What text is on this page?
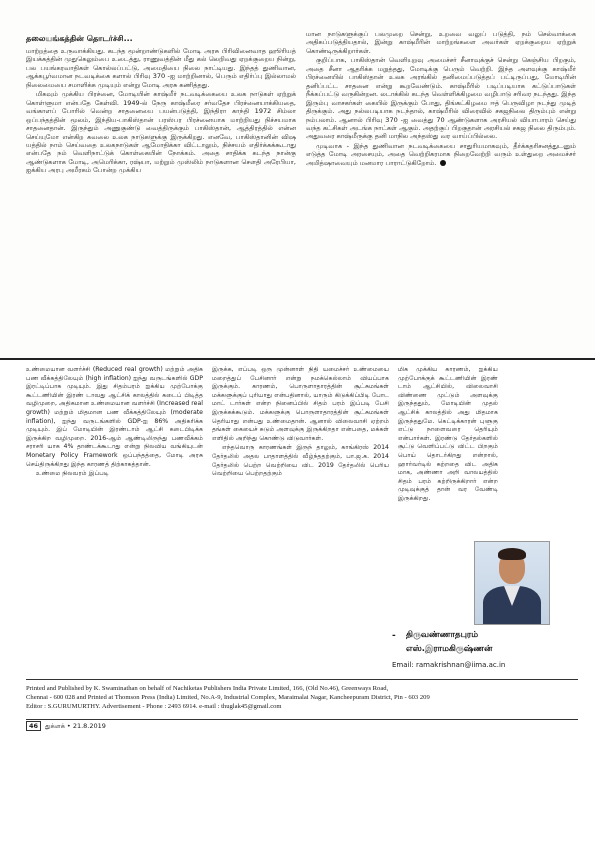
தலையங்கத்தின் தொடர்ச்சி...

மாற்றத்தை உருவாக்கியது. கடந்த மூன்றாண்டுகளில் மோடி அரசு பிரிவினைவாத ஹூரியத் இயக்கத்தின் முதுகெலும்பை உடைத்து, ராணுவத்தின் மீது கல் லெறிவது ஏறக்குறைய நின்று, பல பயங்கரவாதிகள் கொல்லப்பட்டு, அமைதியை நிலை நாட்டியது. இந்தத் துணிவான, ஆக்கபூர்வமான நடவடிக்கை களால் பிரிவு 370 -ஐ மாற்றினால், பெரும் எதிர்ப்பு இல்லாமல் நிலைமையை சமாளிக்க முடியும் என்று மோடி அரசு கணித்தது.

மிகவும் முக்கிய பிரச்னை, மோடியின் காஷ்மீர் நடவடிக்கையை உலக நாடுகள் ஏற்றுக் கொள்ளுமா என்பதே கேள்வி. 1949-ல் நேரு காஷ்மீரை சர்வதேச பிரச்னையாக்கியதை, வங்காளப் போரில் வென்ற சாதனையை பயன்படுத்தி, இந்திரா காந்தி 1972 சிம்லா ஒப்பந்தத்தின் மூலம், இந்திய-பாகிஸ்தான் பரஸ்பர பிரச்னையாக மாற்றியது நிச்சயமாக சாதனைதான். இருந்தும் அணுகுண்டு வைத்திருக்கும் பாகிஸ்தான், ஆத்திரத்தில் என்ன செய்யுமோ என்கிற கவலை உலக நாடுகளுக்கு இருக்கிறது. எனவே, பாகிஸ்தானின் விஷ யத்தில் நாம் செய்வதை உலகநாடுகள் ஆமோதிக்கா விட்டாலும், நிச்சயம் எதிர்க்கக்கூடாது என்பதே நம் வெளிநாட்டுக் கொள்கையின் நோக்கம். அதை சாதிக்க கடந்த நான்கு ஆண்டுகளாக மோடி, அமெரிக்கா, ரஷ்யா, மற்றும் முஸ்லிம் நாடுகளான சௌதி அரேபியா, ஐக்கிய அரபு அமீரகம் போன்ற முக்கிய

மான நாடுகளுக்குப் பலமுறை சென்று, உறவை வலுப் படுத்தி, நம் செல்வாக்கை அதிகப்படுத்தியதால், இன்று காஷ்மீரின் மாற்றங்களை அவர்கள் ஏறக்குறைய ஏற்றுக் கொண்டிருக்கிறார்கள்.

குறிப்பாக, பாகிஸ்தான் வெளியுறவு அமைச்சர் சீனாவுக்குச் சென்று கெஞ்சிய பிறகும், அதை சீனா ஆதரிக்க மறுத்தது, மோடிக்கு பெரும் வெற்றி. இந்த அளவுக்கு காஷ்மீர் பிரச்னையில் பாகிஸ்தான் உலக அரங்கில் தனிமைப்படுத்தப் பட்டிருப்பது, மோடியின் தனிப்பட்ட சாதனை என்று கூறவேண்டும். காஷ்மீரில் படிப்படியாக கட்டுப்பாடுகள் நீக்கப்பட்டு வருகின்றன. லடாக்கில் கடந்த வெள்ளிக்கிழமை வழிபாடு சரிவர நடந்தது. இந்த இரும்பு வாசகர்கள் கையில் இருக்கும் போது, திங்கட்கிழமை ஈத் பெருவிழா நடந்து முடித் திருக்கும். அது நல்லபடியாக நடந்தால், காஷ்மீரில் விரைவில் சகஜநிலை திரும்பும் என்று நம்பலாம். ஆனால் பிரிவு 370 -ஐ வைத்து 70 ஆண்டுகளாக அரசியல் வியாபாரம் செய்து வந்த கட்சிகள் அடங்க நாட்கள் ஆகும். அதற்குப் பிறகுதான் அரசியல் சகஜ நிலை திரும்பும். அதுவரை காஷ்மீருக்கு தனி மாநில அந்தஸ்து வர வாய்ப்பில்லை.

முடிவாக - இந்த துணிவான நடவடிக்கையை சாதுரியமாகவும், தீர்க்கதரிசனத்துடனும் எடுத்த மோடி அரசையும், அதை வெற்றிகரமாக நிறைவேற்றி வரும் உள்துறை அமைச்சர் அமித்ஷாவையும் மனமார பாராட்டுகிறோம்.

உண்மையான வளர்ச்சி (Reduced real growth) மற்றும் அதிக பண வீக்கத்திலேயும் (high inflation) ஐந்து வருடங்களில் GDP இரட்டிப்பாக முடியும். இது சிதம்பரம் ஐக்கிய முற்போக்கு கூட்டணியின் இரண் டாவது ஆட்சிக் காலத்தில் கடைப் பிடித்த வழிமுறை, அதிகமான உண்மையான வளர்ச்சி (Increased real growth) மற்றும் மிதமான பண வீக்கத்திலேயும் (moderate inflation), ஐந்து வருடங்களில் GDP-ஐ 86% அதிகரிக்க முடியும். இப் மோடியின் இரண்டாம் ஆட்சி கடைபிடிக்க இருக்கிற வழிமுறை. 2016-ஆம் ஆண்டிலிருந்து பணவீக்கம் சராசரி யாக 4% தாண்டக்கூடாது என்று நிலவிய வங்கியுடன் Monetary Policy Framework ஒப்பந்தத்தை, மோடி அரசு செய்திருக்கிறது இந்த காரணத் திற்காகத்தான்.

உண்மை நிலவரம் இப்படி

இருக்க, எப்படி ஒரு முன்னாள் நிதி யமைச்சர் உண்மையை மறைத்துப் பேசினார் என்று நமக்கெல்லாம் வியப்பாக இருக்கும். காரணம், பொருளாதாரத்தின் சூட்சுமங்கள் மக்களுக்குப் புரியாது என்பதினால், யாரும் கிடுக்கிப்பிடி போட மாட் டார்கள் என்ற நினைப்பில் சிதம் பரம் இப்படி பேசி இருக்கக்கூடும். மக்களுக்கு பொருளாதாரத்தின் சூட்சுமங்கள் தெரியாது என்பது உண்மைதான். ஆனால் விலைவாசி ஏற்றம் தங்கள் கையைச் சுடும் அளவுக்கு இருக்கிறதா என்பதை, மக்கள் எளிதில் அறிந்து கொண்டு விடுவார்கள்.

எந்தவொரு காரணங்கள் இருந் தாலும், காங்கிரஸ் 2014 தேர்தலில் அதல பாதாளத்தில் வீழ்ந்ததற்கும், பா.ஜ.க. 2014 தேர்தலில் பெற்ற வெற்றியை விட 2019 தேர்தலில் பெரிய வெற்றியை பெற்றதற்கும்

மிக முக்கிய காரணம், ஐக்கிய முற்போக்குக் கூட்டணியின் இரண் டாம் ஆட்சியில், விலைவாசி விண்ணை முட்டும் அளவுக்கு இருந்ததும், மோடியின் முதல் ஆட்சிக் காலத்தில் அது மிதமாக இருந்ததுமே. கெட்டிக்காரன் புளுகு எட்டு நாளைவரை தெரியும் என்பார்கள். இரண்டு தேர்தல்களில் சூட்டு வெளிப்பட்டு விட்ட பிறகும் பொய் தொடர்கிறது என்றால், ஹார்வர்டில் கற்றதை விட அதிக மாக, அண்ணா அறி வாலயத்தில் சிதம் பரம் கற்றிருக்கிறார் என்ற முடிவுக்குத் தான் வர வேண்டி இருக்கிறது.

- திருவண்ணாதபுரம்
எஸ்.இராமகிருஷ்ணன்
Email: ramakrishnan@iima.ac.in

Printed and Published by K. Swaminathan on behalf of Nachiketas Publishers India Private Limited, 166, (Old No.46), Greenways Road,

Chennai - 600 028 and Printed at Thomson Press (India) Limited, No.A-9, Industrial Complex, Maraimalai Nagar, Kancheepuram District, Pin - 603 209

Editor : S.GURUMURTHY. Advertisement - Phone : 2493 6914. e-mail : thuglak45@gmail.com

46	துக்ளக் • 21.8.2019
